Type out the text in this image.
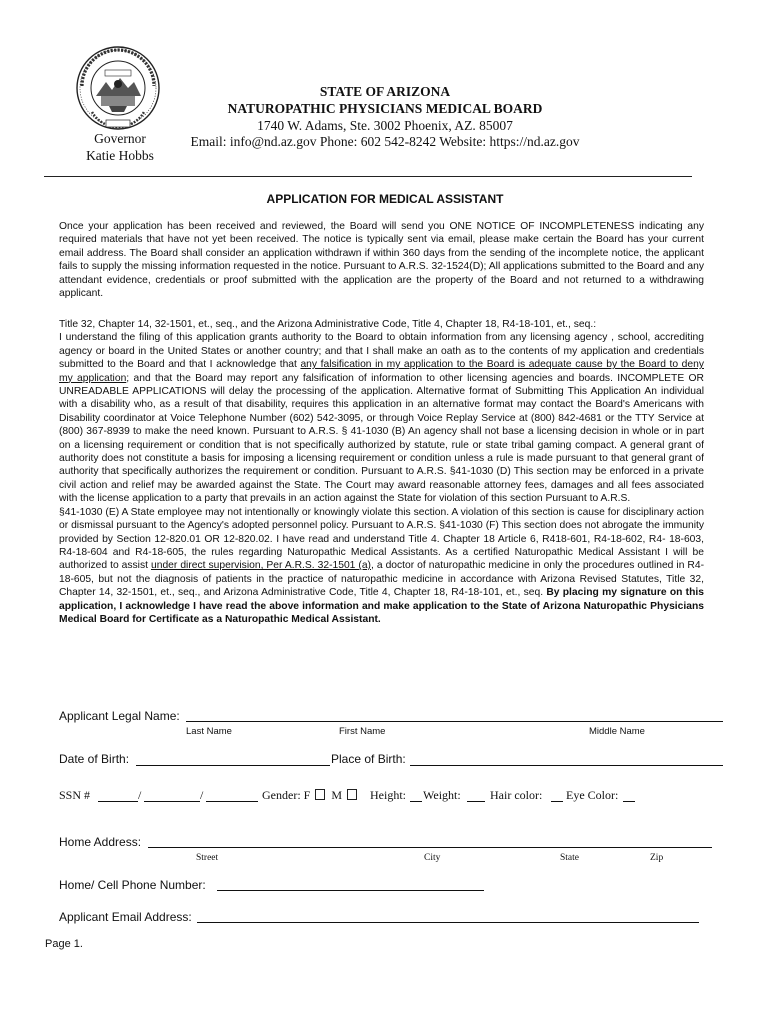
Governor
Katie Hobbs
STATE OF ARIZONA
NATUROPATHIC PHYSICIANS MEDICAL BOARD
1740 W. Adams, Ste. 3002 Phoenix, AZ. 85007
Email: info@nd.az.gov Phone: 602 542-8242 Website: https://nd.az.gov
APPLICATION FOR MEDICAL ASSISTANT

Once your application has been received and reviewed, the Board will send you ONE NOTICE OF INCOMPLETENESS indicating any required materials that have not yet been received. The notice is typically sent via email, please make certain the Board has your current email address. The Board shall consider an application withdrawn if within 360 days from the sending of the incomplete notice, the applicant fails to supply the missing information requested in the notice. Pursuant to A.R.S. 32-1524(D); All applications submitted to the Board and any attendant evidence, credentials or proof submitted with the application are the property of the Board and not returned to a withdrawing applicant.

Title 32, Chapter 14, 32-1501, et., seq., and the Arizona Administrative Code, Title 4, Chapter 18, R4-18-101, et., seq.:

I understand the filing of this application grants authority to the Board to obtain information from any licensing agency , school, accrediting agency or board in the United States or another country; and that I shall make an oath as to the contents of my application and credentials submitted to the Board and that I acknowledge that any falsification in my application to the Board is adequate cause by the Board to deny my application; and that the Board may report any falsification of information to other licensing agencies and boards. INCOMPLETE OR UNREADABLE APPLICATIONS will delay the processing of the application. Alternative format of Submitting This Application An individual with a disability who, as a result of that disability, requires this application in an alternative format may contact the Board's Americans with Disability coordinator at Voice Telephone Number (602) 542-3095, or through Voice Replay Service at (800) 842-4681 or the TTY Service at (800) 367-8939 to make the need known. Pursuant to A.R.S. § 41-1030 (B) An agency shall not base a licensing decision in whole or in part on a licensing requirement or condition that is not specifically authorized by statute, rule or state tribal gaming compact. A general grant of authority does not constitute a basis for imposing a licensing requirement or condition unless a rule is made pursuant to that general grant of authority that specifically authorizes the requirement or condition. Pursuant to A.R.S. §41-1030 (D) This section may be enforced in a private civil action and relief may be awarded against the State. The Court may award reasonable attorney fees, damages and all fees associated with the license application to a party that prevails in an action against the State for violation of this section Pursuant to A.R.S.

§41-1030 (E) A State employee may not intentionally or knowingly violate this section. A violation of this section is cause for disciplinary action or dismissal pursuant to the Agency's adopted personnel policy. Pursuant to A.R.S. §41-1030 (F) This section does not abrogate the immunity provided by Section 12-820.01 OR 12-820.02. I have read and understand Title 4. Chapter 18 Article 6, R418-601, R4-18-602, R4- 18-603, R4-18-604 and R4-18-605, the rules regarding Naturopathic Medical Assistants. As a certified Naturopathic Medical Assistant I will be authorized to assist under direct supervision, Per A.R.S. 32-1501 (a), a doctor of naturopathic medicine in only the procedures outlined in R4-18-605, but not the diagnosis of patients in the practice of naturopathic medicine in accordance with Arizona Revised Statutes, Title 32, Chapter 14, 32-1501, et., seq., and Arizona Administrative Code, Title 4, Chapter 18, R4-18-101, et., seq. By placing my signature on this application, I acknowledge I have read the above information and make application to the State of Arizona Naturopathic Physicians Medical Board for Certificate as a Naturopathic Medical Assistant.

Applicant Legal Name:
Last Name	First Name	Middle Name
Date of Birth:	Place of Birth:
SSN #	/	/	Gender: F M	Height: Weight: Hair color: Eye Color:
Home Address:
Street	City	State	Zip
Home/ Cell Phone Number:
Applicant Email Address:
Page 1.
